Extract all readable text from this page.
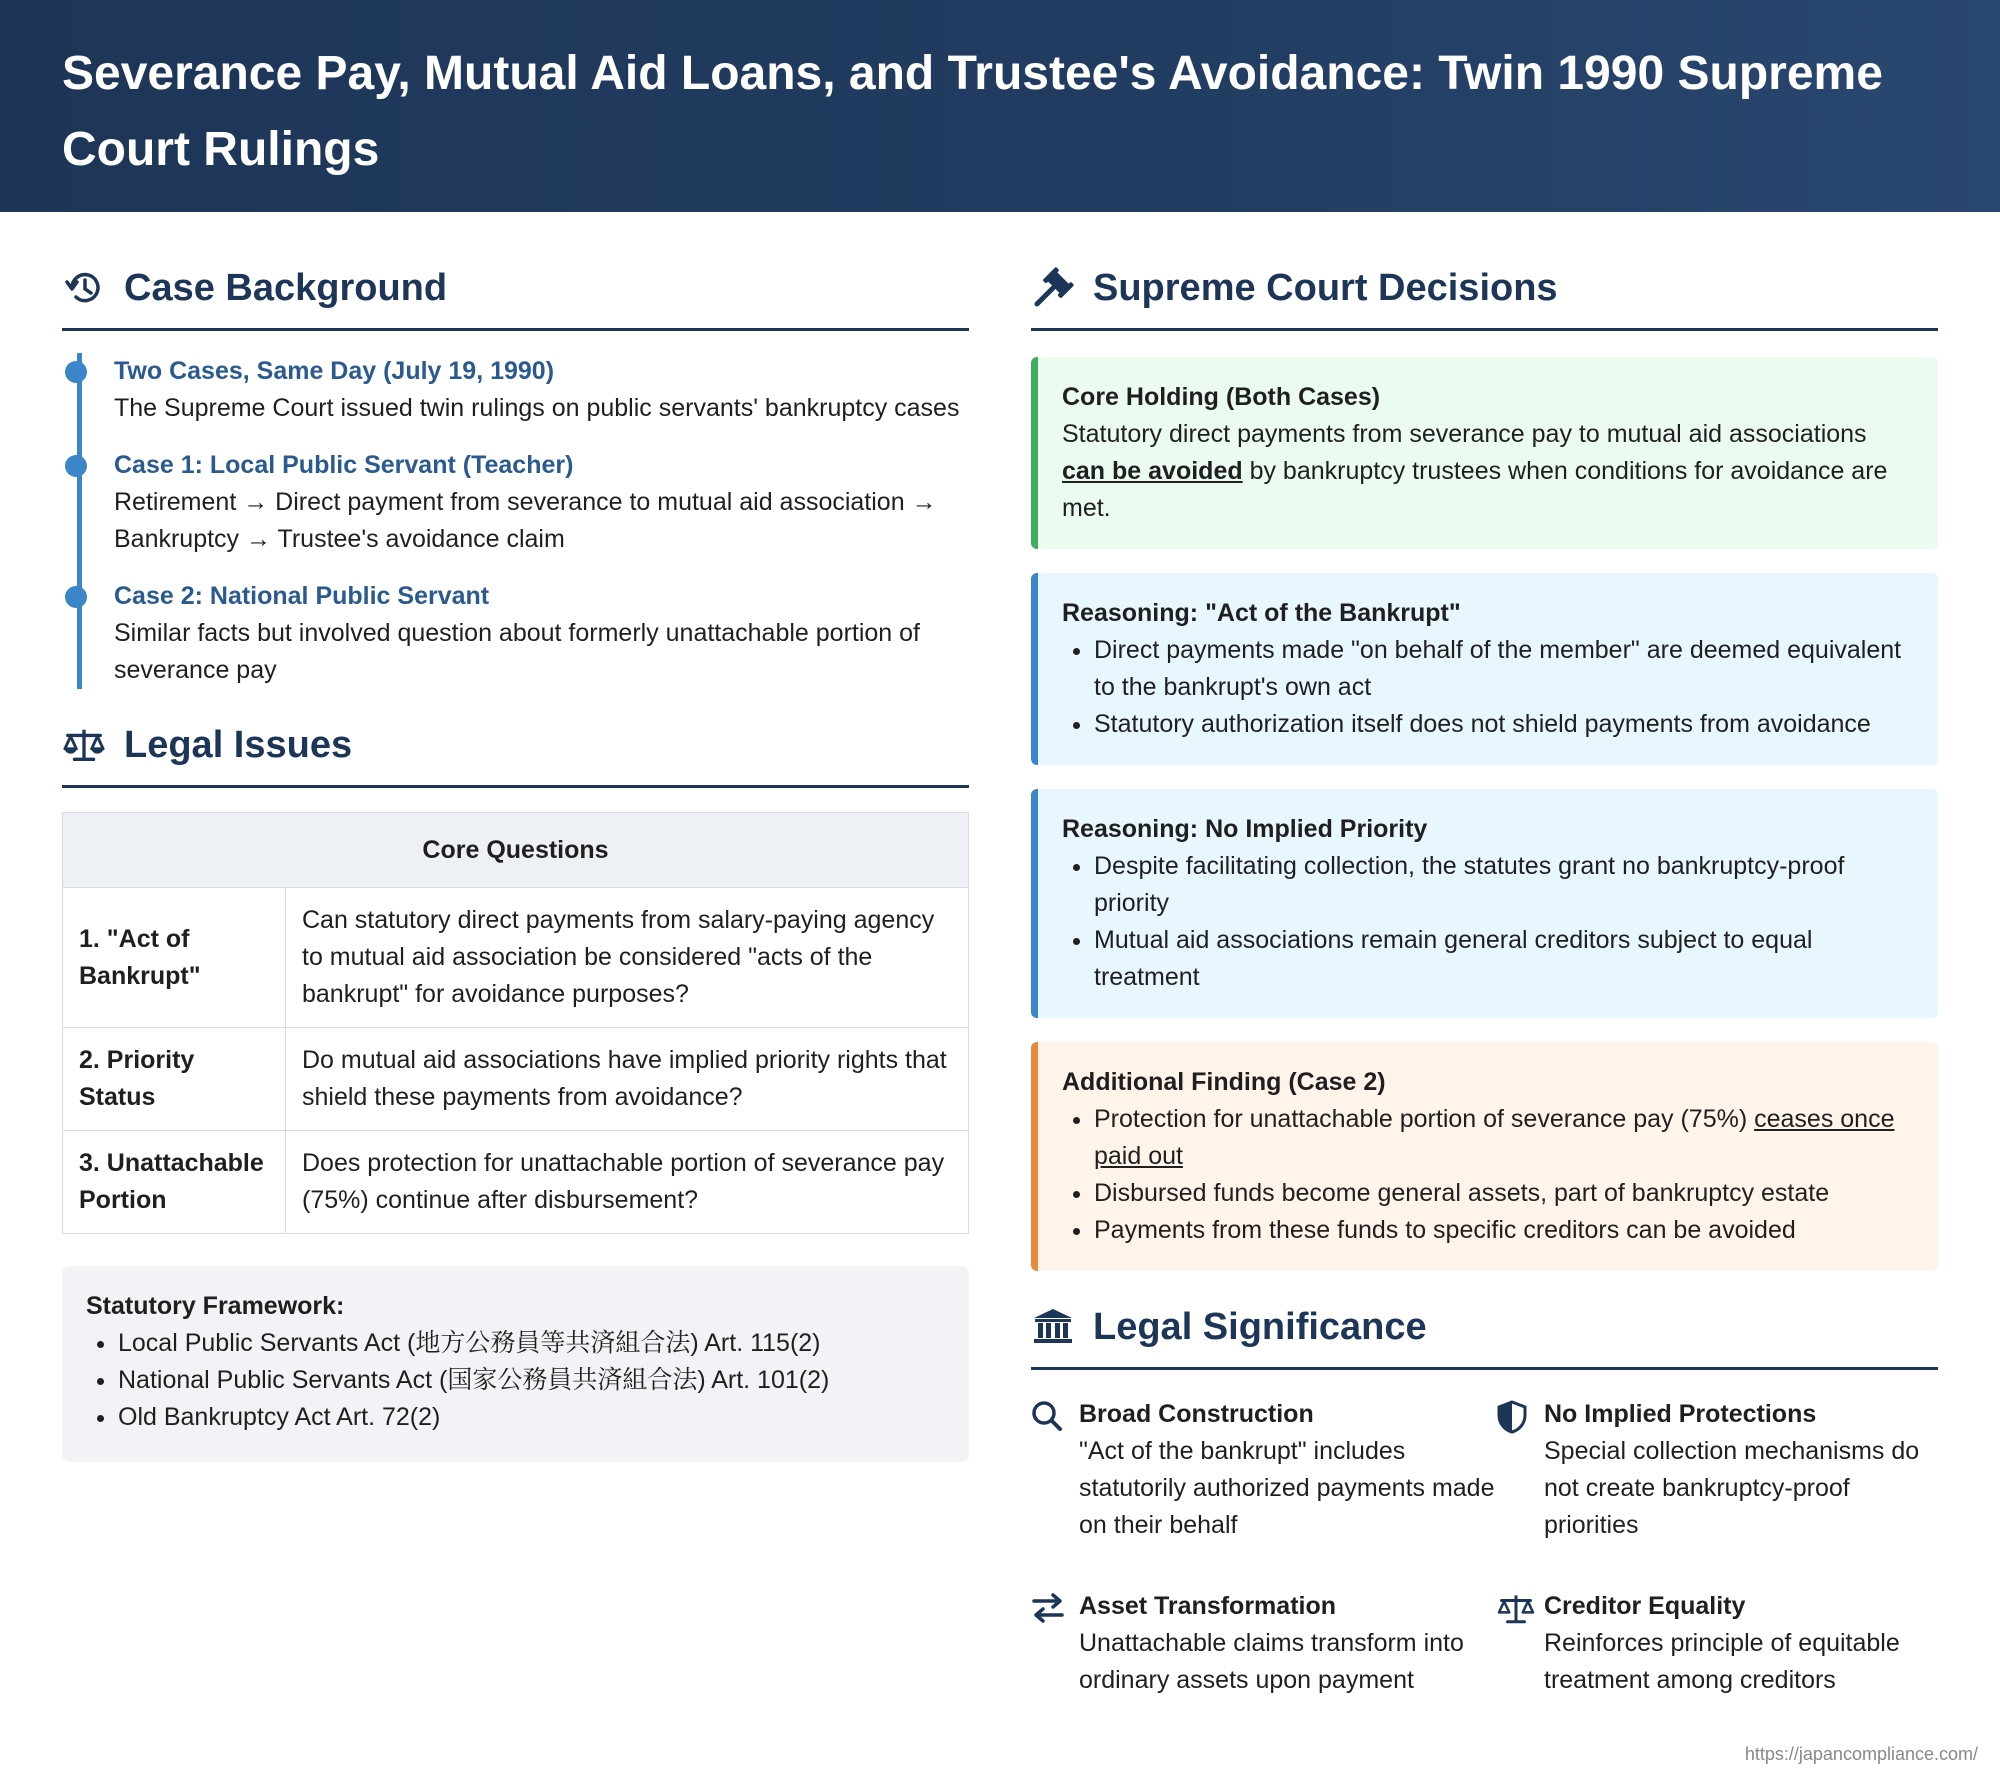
Severance Pay, Mutual Aid Loans, and Trustee's Avoidance: Twin 1990 Supreme Court Rulings
Case Background
Two Cases, Same Day (July 19, 1990)
The Supreme Court issued twin rulings on public servants' bankruptcy cases
Case 1: Local Public Servant (Teacher)
Retirement → Direct payment from severance to mutual aid association → Bankruptcy → Trustee's avoidance claim
Case 2: National Public Servant
Similar facts but involved question about formerly unattachable portion of severance pay
Legal Issues
Core Questions	
1. "Act of Bankrupt"	Can statutory direct payments from salary-paying agency to mutual aid association be considered "acts of the bankrupt" for avoidance purposes?
2. Priority Status	Do mutual aid associations have implied priority rights that shield these payments from avoidance?
3. Unattachable Portion	Does protection for unattachable portion of severance pay (75%) continue after disbursement?
Statutory Framework:
• Local Public Servants Act (地方公務員等共済組合法) Art. 115(2)
• National Public Servants Act (国家公務員共済組合法) Art. 101(2)
• Old Bankruptcy Act Art. 72(2)
Supreme Court Decisions
Core Holding (Both Cases)
Statutory direct payments from severance pay to mutual aid associations can be avoided by bankruptcy trustees when conditions for avoidance are met.
Reasoning: "Act of the Bankrupt"
• Direct payments made "on behalf of the member" are deemed equivalent to the bankrupt's own act
• Statutory authorization itself does not shield payments from avoidance
Reasoning: No Implied Priority
• Despite facilitating collection, the statutes grant no bankruptcy-proof priority
• Mutual aid associations remain general creditors subject to equal treatment
Additional Finding (Case 2)
• Protection for unattachable portion of severance pay (75%) ceases once paid out
• Disbursed funds become general assets, part of bankruptcy estate
• Payments from these funds to specific creditors can be avoided
Legal Significance
Broad Construction
"Act of the bankrupt" includes statutorily authorized payments made on their behalf
No Implied Protections
Special collection mechanisms do not create bankruptcy-proof priorities
Asset Transformation
Unattachable claims transform into ordinary assets upon payment
Creditor Equality
Reinforces principle of equitable treatment among creditors
https://japancompliance.com/
